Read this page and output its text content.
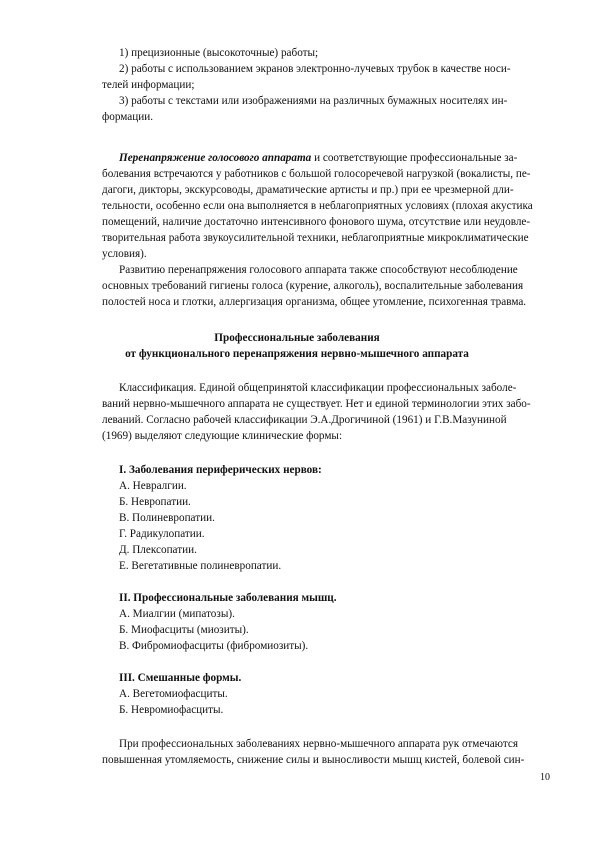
1) прецизионные (высокоточные) работы;
2) работы с использованием экранов электронно-лучевых трубок в качестве носи-
телей информации;
3) работы с текстами или изображениями на различных бумажных носителях ин-
формации.
Перенапряжение голосового аппарата и соответствующие профессиональные за-
болевания встречаются у работников с большой голосоречевой нагрузкой (вокалисты, пе-
дагоги, дикторы, экскурсоводы, драматические артисты и пр.) при ее чрезмерной дли-
тельности, особенно если она выполняется в неблагоприятных условиях (плохая акустика
помещений, наличие достаточно интенсивного фонового шума, отсутствие или неудовле-
творительная работа звукоусилительной техники, неблагоприятные микроклиматические
условия).
Развитию перенапряжения голосового аппарата также способствуют несоблюдение
основных требований гигиены голоса (курение, алкоголь), воспалительные заболевания
полостей носа и глотки, аллергизация организма, общее утомление, психогенная травма.
Профессиональные заболевания
от функционального перенапряжения нервно-мышечного аппарата
Классификация. Единой общепринятой классификации профессиональных заболе-
ваний нервно-мышечного аппарата не существует. Нет и единой терминологии этих забо-
леваний. Согласно рабочей классификации Э.А.Дрогичиной (1961) и Г.В.Мазуниной
(1969) выделяют следующие клинические формы:
I. Заболевания периферических нервов:
А. Невралгии.
Б. Невропатии.
В. Полиневропатии.
Г. Радикулопатии.
Д. Плексопатии.
Е. Вегетативные полиневропатии.
II. Профессиональные заболевания мышц.
А. Миалгии (мипатозы).
Б. Миофасциты (миозиты).
В. Фибромиофасциты (фибромиозиты).
III. Смешанные формы.
А. Вегетомиофасциты.
Б. Невромиофасциты.
При профессиональных заболеваниях нервно-мышечного аппарата рук отмечаются
повышенная утомляемость, снижение силы и выносливости мышц кистей, болевой син-
10
